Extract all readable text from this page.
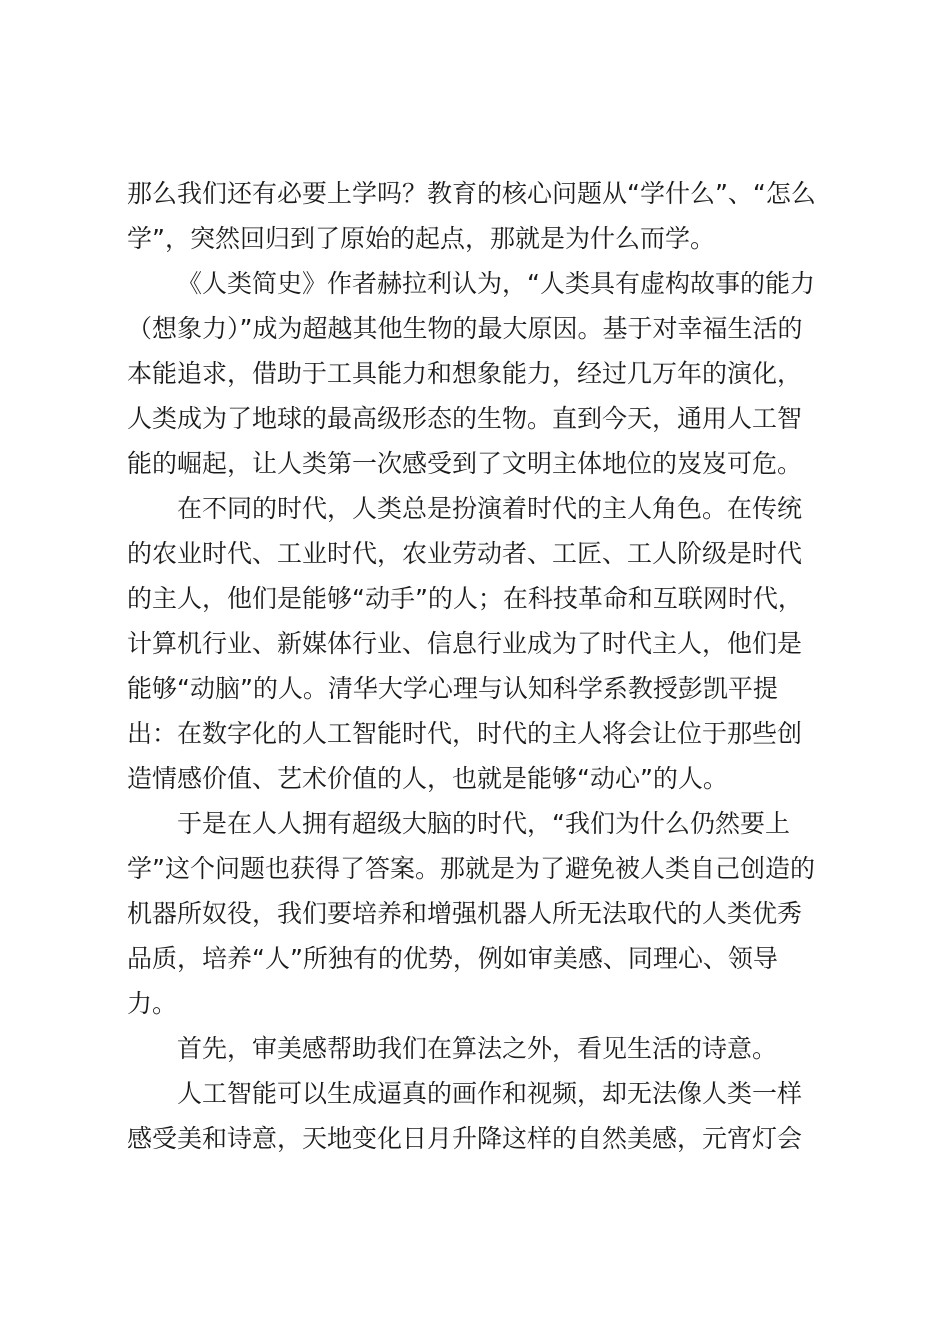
那么我们还有必要上学吗？教育的核心问题从“学什么”、“怎么
学”，突然回归到了原始的起点，那就是为什么而学。
《人类简史》作者赫拉利认为，“人类具有虚构故事的能力
（想象力）”成为超越其他生物的最大原因。基于对幸福生活的
本能追求，借助于工具能力和想象能力，经过几万年的演化，
人类成为了地球的最高级形态的生物。直到今天，通用人工智
能的崛起，让人类第一次感受到了文明主体地位的岌岌可危。
在不同的时代，人类总是扮演着时代的主人角色。在传统
的农业时代、工业时代，农业劳动者、工匠、工人阶级是时代
的主人，他们是能够“动手”的人；在科技革命和互联网时代，
计算机行业、新媒体行业、信息行业成为了时代主人，他们是
能够“动脑”的人。清华大学心理与认知科学系教授彭凯平提
出：在数字化的人工智能时代，时代的主人将会让位于那些创
造情感价值、艺术价值的人，也就是能够“动心”的人。
于是在人人拥有超级大脑的时代，“我们为什么仍然要上
学”这个问题也获得了答案。那就是为了避免被人类自己创造的
机器所奴役，我们要培养和增强机器人所无法取代的人类优秀
品质，培养“人”所独有的优势，例如审美感、同理心、领导
力。
首先，审美感帮助我们在算法之外，看见生活的诗意。
人工智能可以生成逼真的画作和视频，却无法像人类一样
感受美和诗意，天地变化日月升降这样的自然美感，元宵灯会
